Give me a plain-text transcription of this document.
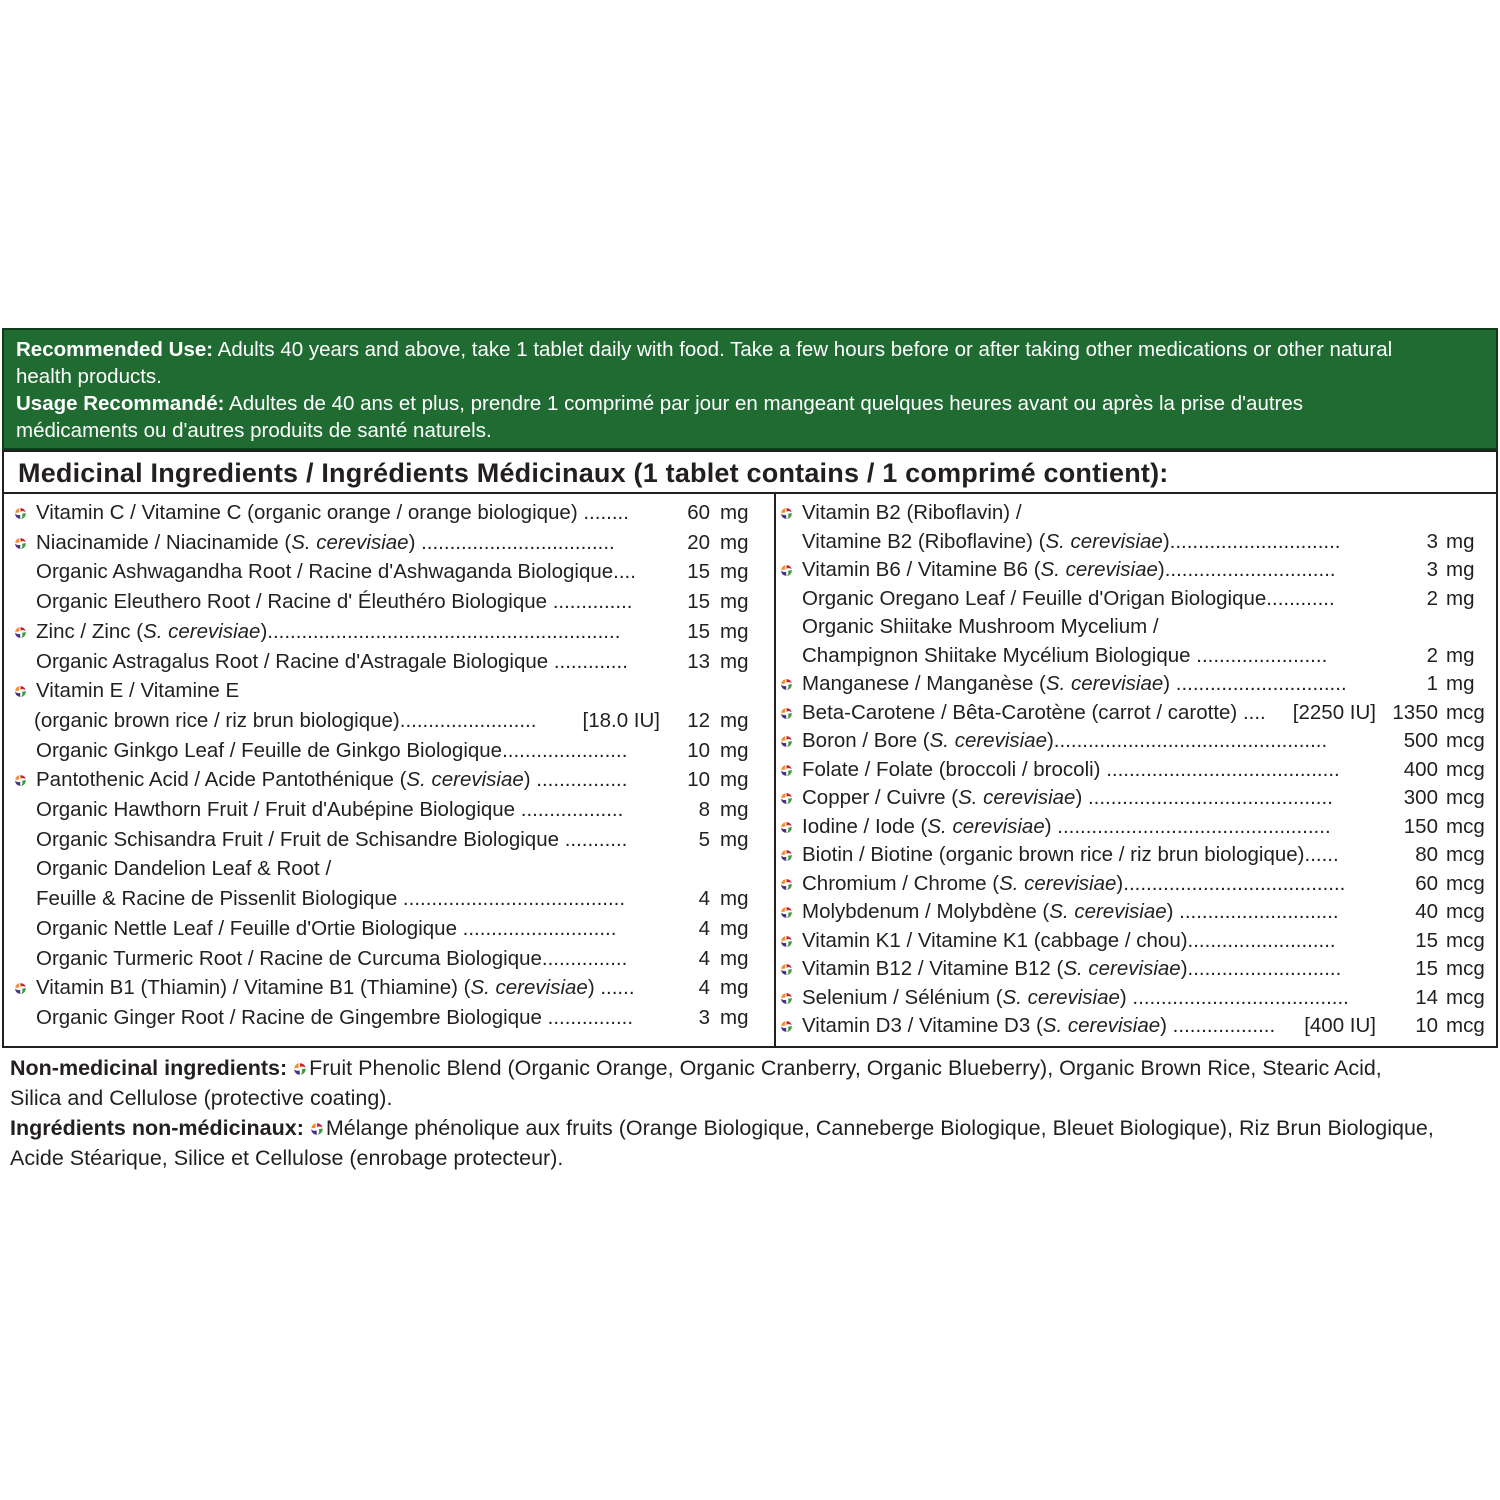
Recommended Use: Adults 40 years and above, take 1 tablet daily with food. Take a few hours before or after taking other medications or other natural
health products.
Usage Recommandé: Adultes de 40 ans et plus, prendre 1 comprimé par jour en mangeant quelques heures avant ou après la prise d'autres
médicaments ou d'autres produits de santé naturels.
Medicinal Ingredients / Ingrédients Médicinaux (1 tablet contains / 1 comprimé contient):
Vitamin C / Vitamine C (organic orange / orange biologique) ........	60 mg
Niacinamide / Niacinamide (S. cerevisiae) ..................................	20 mg
Organic Ashwagandha Root / Racine d'Ashwaganda Biologique....	15 mg
Organic Eleuthero Root / Racine d' Éleuthéro Biologique ..............	15 mg
Zinc / Zinc (S. cerevisiae)..............................................................	15 mg
Organic Astragalus Root / Racine d'Astragale Biologique .............	13 mg
Vitamin E / Vitamine E
(organic brown rice / riz brun biologique)........................	[18.0 IU]	12 mg
Organic Ginkgo Leaf / Feuille de Ginkgo Biologique......................	10 mg
Pantothenic Acid / Acide Pantothénique (S. cerevisiae) ................	10 mg
Organic Hawthorn Fruit / Fruit d'Aubépine Biologique ..................	8 mg
Organic Schisandra Fruit / Fruit de Schisandre Biologique ...........	5 mg
Organic Dandelion Leaf & Root /
Feuille & Racine de Pissenlit Biologique .......................................	4 mg
Organic Nettle Leaf / Feuille d'Ortie Biologique ...........................	4 mg
Organic Turmeric Root / Racine de Curcuma Biologique...............	4 mg
Vitamin B1 (Thiamin) / Vitamine B1 (Thiamine) (S. cerevisiae) ......	4 mg
Organic Ginger Root / Racine de Gingembre Biologique ...............	3 mg
Vitamin B2 (Riboflavin) /
Vitamine B2 (Riboflavine) (S. cerevisiae)..............................	3 mg
Vitamin B6 / Vitamine B6 (S. cerevisiae)..............................	3 mg
Organic Oregano Leaf / Feuille d'Origan Biologique............	2 mg
Organic Shiitake Mushroom Mycelium /
Champignon Shiitake Mycélium Biologique .......................	2 mg
Manganese / Manganèse (S. cerevisiae) ..............................	1 mg
Beta-Carotene / Bêta-Carotène (carrot / carotte) ....	[2250 IU] 1350 mcg
Boron / Bore (S. cerevisiae)................................................	500 mcg
Folate / Folate (broccoli / brocoli) .........................................	400 mcg
Copper / Cuivre (S. cerevisiae) ...........................................	300 mcg
Iodine / Iode (S. cerevisiae) ................................................	150 mcg
Biotin / Biotine (organic brown rice / riz brun biologique)......	80 mcg
Chromium / Chrome (S. cerevisiae).......................................	60 mcg
Molybdenum / Molybdène (S. cerevisiae) ............................	40 mcg
Vitamin K1 / Vitamine K1 (cabbage / chou)..........................	15 mcg
Vitamin B12 / Vitamine B12 (S. cerevisiae)...........................	15 mcg
Selenium / Sélénium (S. cerevisiae) ......................................	14 mcg
Vitamin D3 / Vitamine D3 (S. cerevisiae) ..................	[400 IU]	10 mcg
Non-medicinal ingredients: Fruit Phenolic Blend (Organic Orange, Organic Cranberry, Organic Blueberry), Organic Brown Rice, Stearic Acid,
Silica and Cellulose (protective coating).
Ingrédients non-médicinaux: Mélange phénolique aux fruits (Orange Biologique, Canneberge Biologique, Bleuet Biologique), Riz Brun Biologique,
Acide Stéarique, Silice et Cellulose (enrobage protecteur).
